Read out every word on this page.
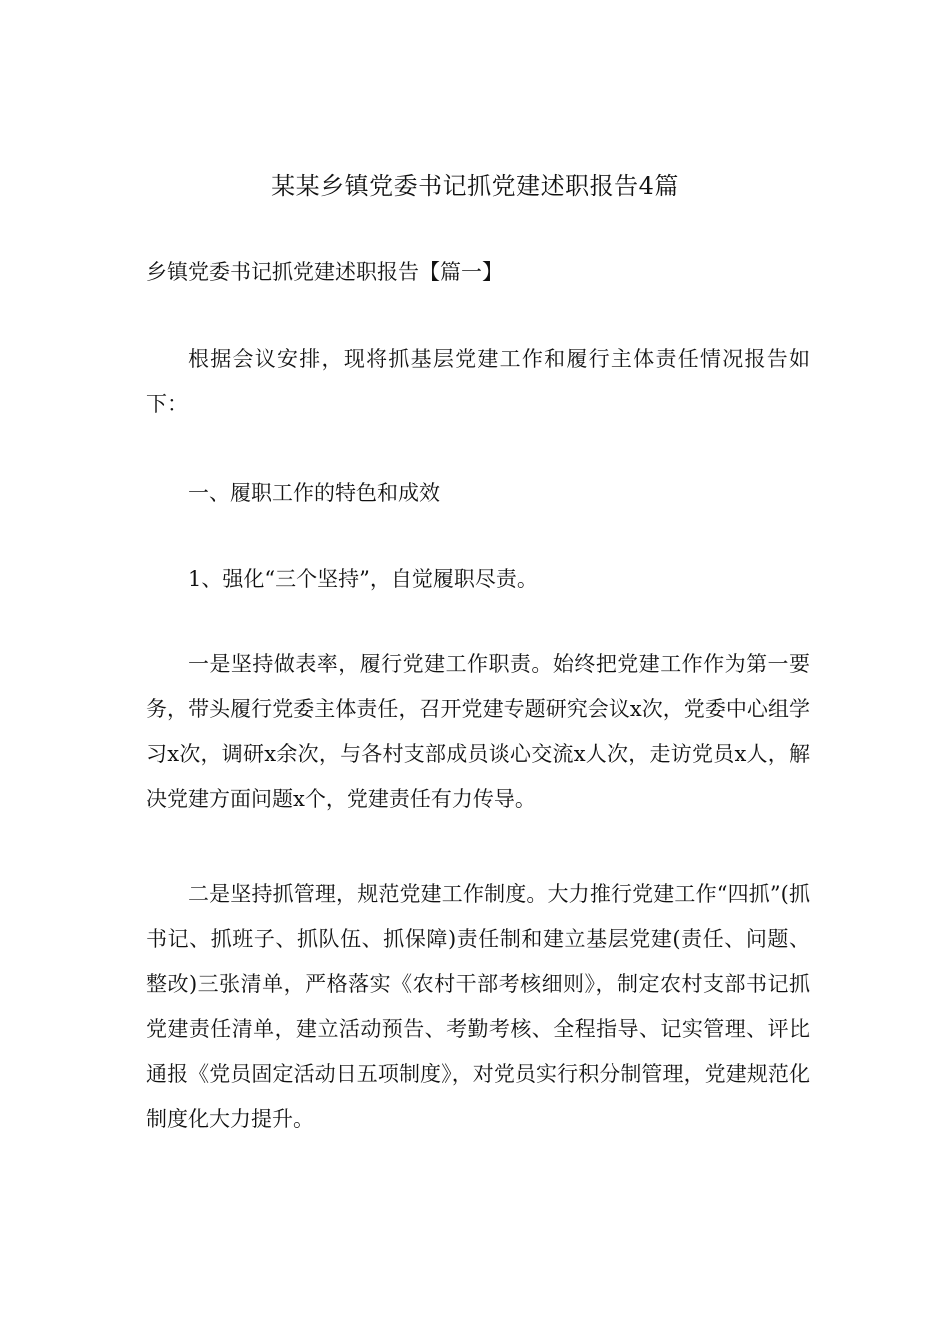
某某乡镇党委书记抓党建述职报告4篇
乡镇党委书记抓党建述职报告【篇一】

根据会议安排，现将抓基层党建工作和履行主体责任情况报告如下：

一、履职工作的特色和成效

1、强化“三个坚持”，自觉履职尽责。

一是坚持做表率，履行党建工作职责。始终把党建工作作为第一要务，带头履行党委主体责任，召开党建专题研究会议x次，党委中心组学习x次，调研x余次，与各村支部成员谈心交流x人次，走访党员x人，解决党建方面问题x个，党建责任有力传导。

二是坚持抓管理，规范党建工作制度。大力推行党建工作“四抓”(抓书记、抓班子、抓队伍、抓保障)责任制和建立基层党建(责任、问题、整改)三张清单，严格落实《农村干部考核细则》，制定农村支部书记抓党建责任清单，建立活动预告、考勤考核、全程指导、记实管理、评比通报《党员固定活动日五项制度》，对党员实行积分制管理，党建规范化制度化大力提升。
